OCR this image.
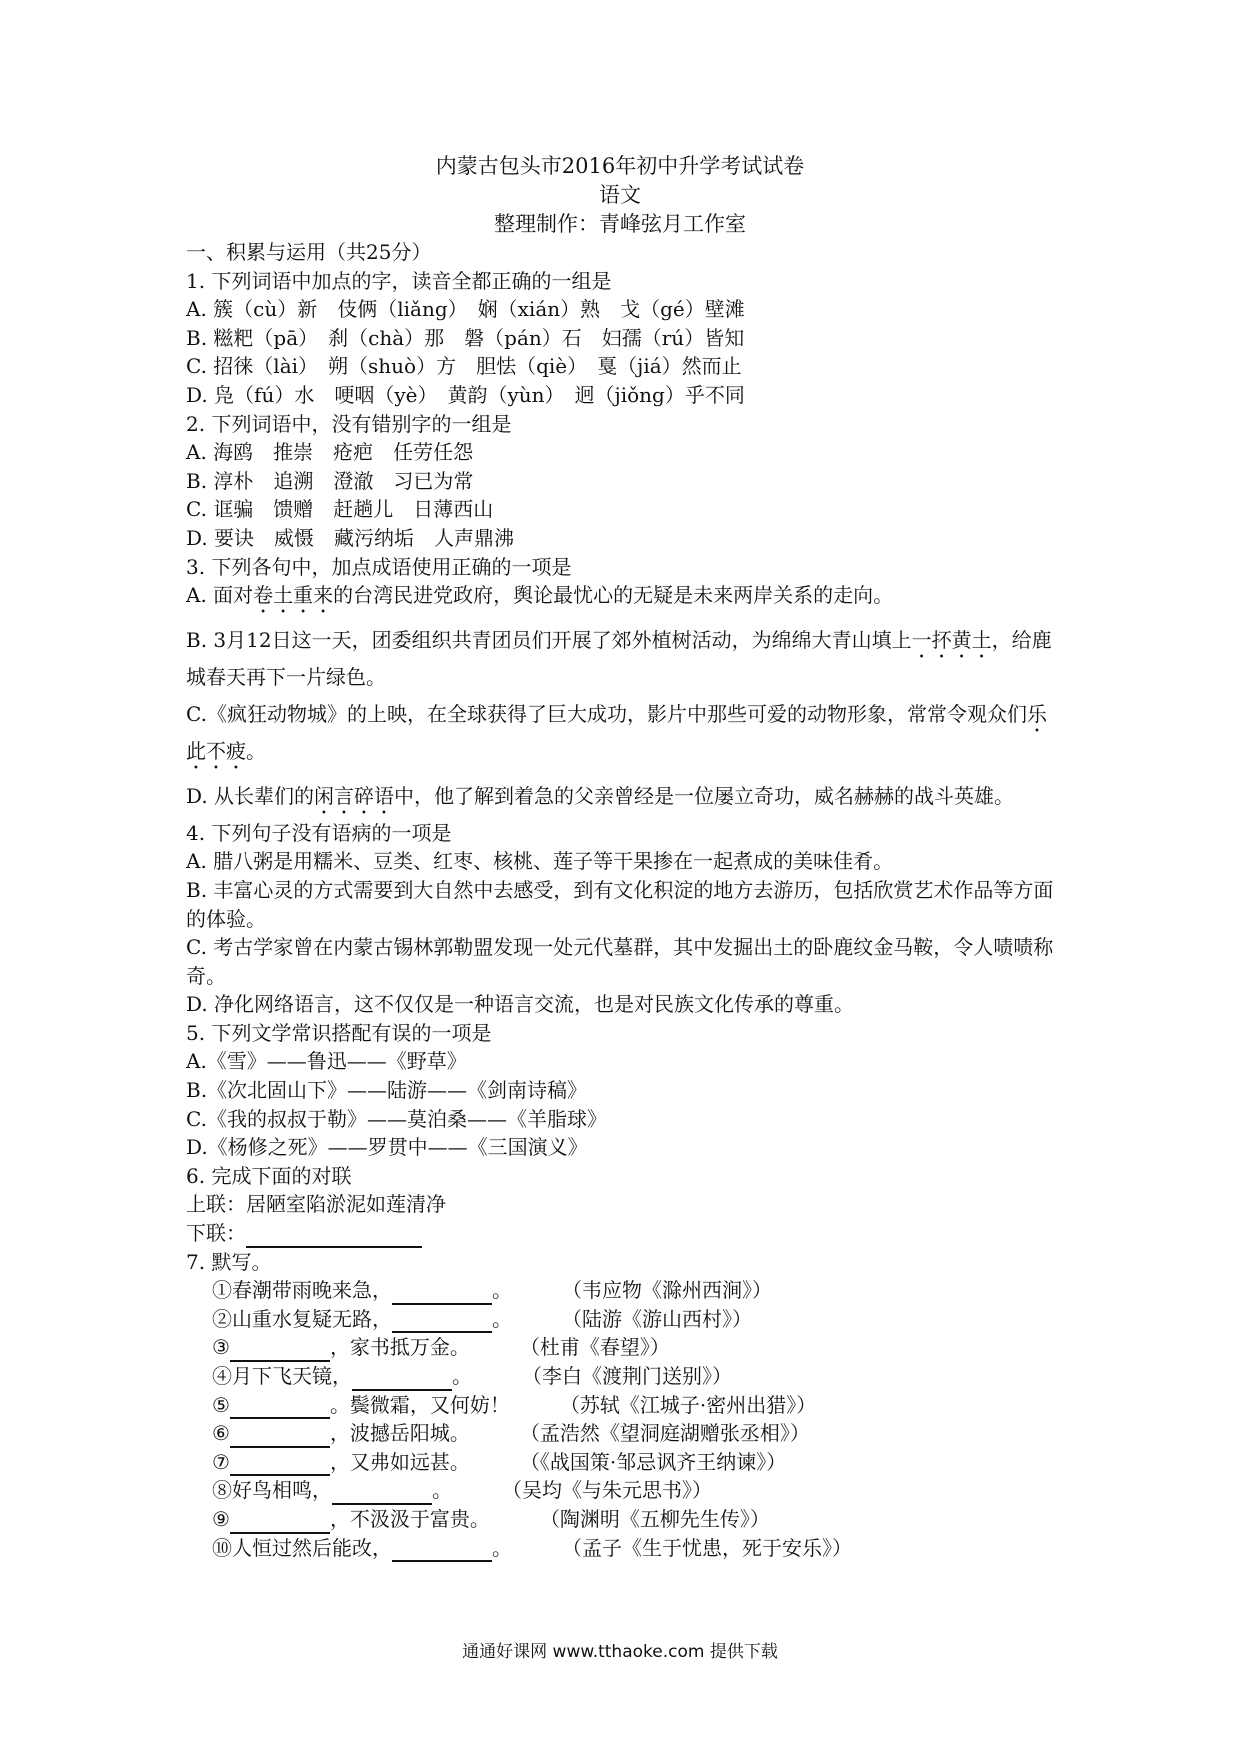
内蒙古包头市2016年初中升学考试试卷
语文
整理制作：青峰弦月工作室
一、积累与运用（共25分）
1. 下列词语中加点的字，读音全都正确的一组是
A. 簇（cù）新　伎俩（liǎng）　娴（xián）熟　戈（gé）壁滩
B. 糍粑（pā）　刹（chà）那　磐（pán）石　妇孺（rú）皆知
C. 招徕（lài）　朔（shuò）方　胆怯（qiè）　戛（jiá）然而止
D. 凫（fú）水　哽咽（yè）　黄韵（yùn）　迥（jiǒng）乎不同
2. 下列词语中，没有错别字的一组是
A. 海鸥　推崇　疮疤　任劳任怨
B. 淳朴　追溯　澄澈　习已为常
C. 诓骗　馈赠　赶趟儿　日薄西山
D. 要诀　威慑　藏污纳垢　人声鼎沸
3. 下列各句中，加点成语使用正确的一项是
A. 面对卷土重来的台湾民进党政府，舆论最忧心的无疑是未来两岸关系的走向。
B. 3月12日这一天，团委组织共青团员们开展了郊外植树活动，为绵绵大青山填上一抔黄土，给鹿城春天再下一片绿色。
C.《疯狂动物城》的上映，在全球获得了巨大成功，影片中那些可爱的动物形象，常常令观众们乐此不疲。
D. 从长辈们的闲言碎语中，他了解到着急的父亲曾经是一位屡立奇功，威名赫赫的战斗英雄。
4. 下列句子没有语病的一项是
A. 腊八粥是用糯米、豆类、红枣、核桃、莲子等干果掺在一起煮成的美味佳肴。
B. 丰富心灵的方式需要到大自然中去感受，到有文化积淀的地方去游历，包括欣赏艺术作品等方面的体验。
C. 考古学家曾在内蒙古锡林郭勒盟发现一处元代墓群，其中发掘出土的卧鹿纹金马鞍，令人啧啧称奇。
D. 净化网络语言，这不仅仅是一种语言交流，也是对民族文化传承的尊重。
5. 下列文学常识搭配有误的一项是
A.《雪》——鲁迅——《野草》
B.《次北固山下》——陆游——《剑南诗稿》
C.《我的叔叔于勒》——莫泊桑——《羊脂球》
D.《杨修之死》——罗贯中——《三国演义》
6. 完成下面的对联
上联：居陋室陷淤泥如莲清净
下联：
7. 默写。
①春潮带雨晚来急，	。	（韦应物《滁州西涧》）
②山重水复疑无路，	。	（陆游《游山西村》）
③	，家书抵万金。	（杜甫《春望》）
④月下飞天镜，	。	（李白《渡荆门送别》）
⑤	。鬓微霜，又何妨！	（苏轼《江城子·密州出猎》）
⑥	，波撼岳阳城。	（孟浩然《望洞庭湖赠张丞相》）
⑦	，又弗如远甚。	（《战国策·邹忌讽齐王纳谏》）
⑧好鸟相鸣，	。	（吴均《与朱元思书》）
⑨	，不汲汲于富贵。	（陶渊明《五柳先生传》）
⑩人恒过然后能改，	。	（孟子《生于忧患，死于安乐》）
通通好课网 www.tthaoke.com 提供下载
